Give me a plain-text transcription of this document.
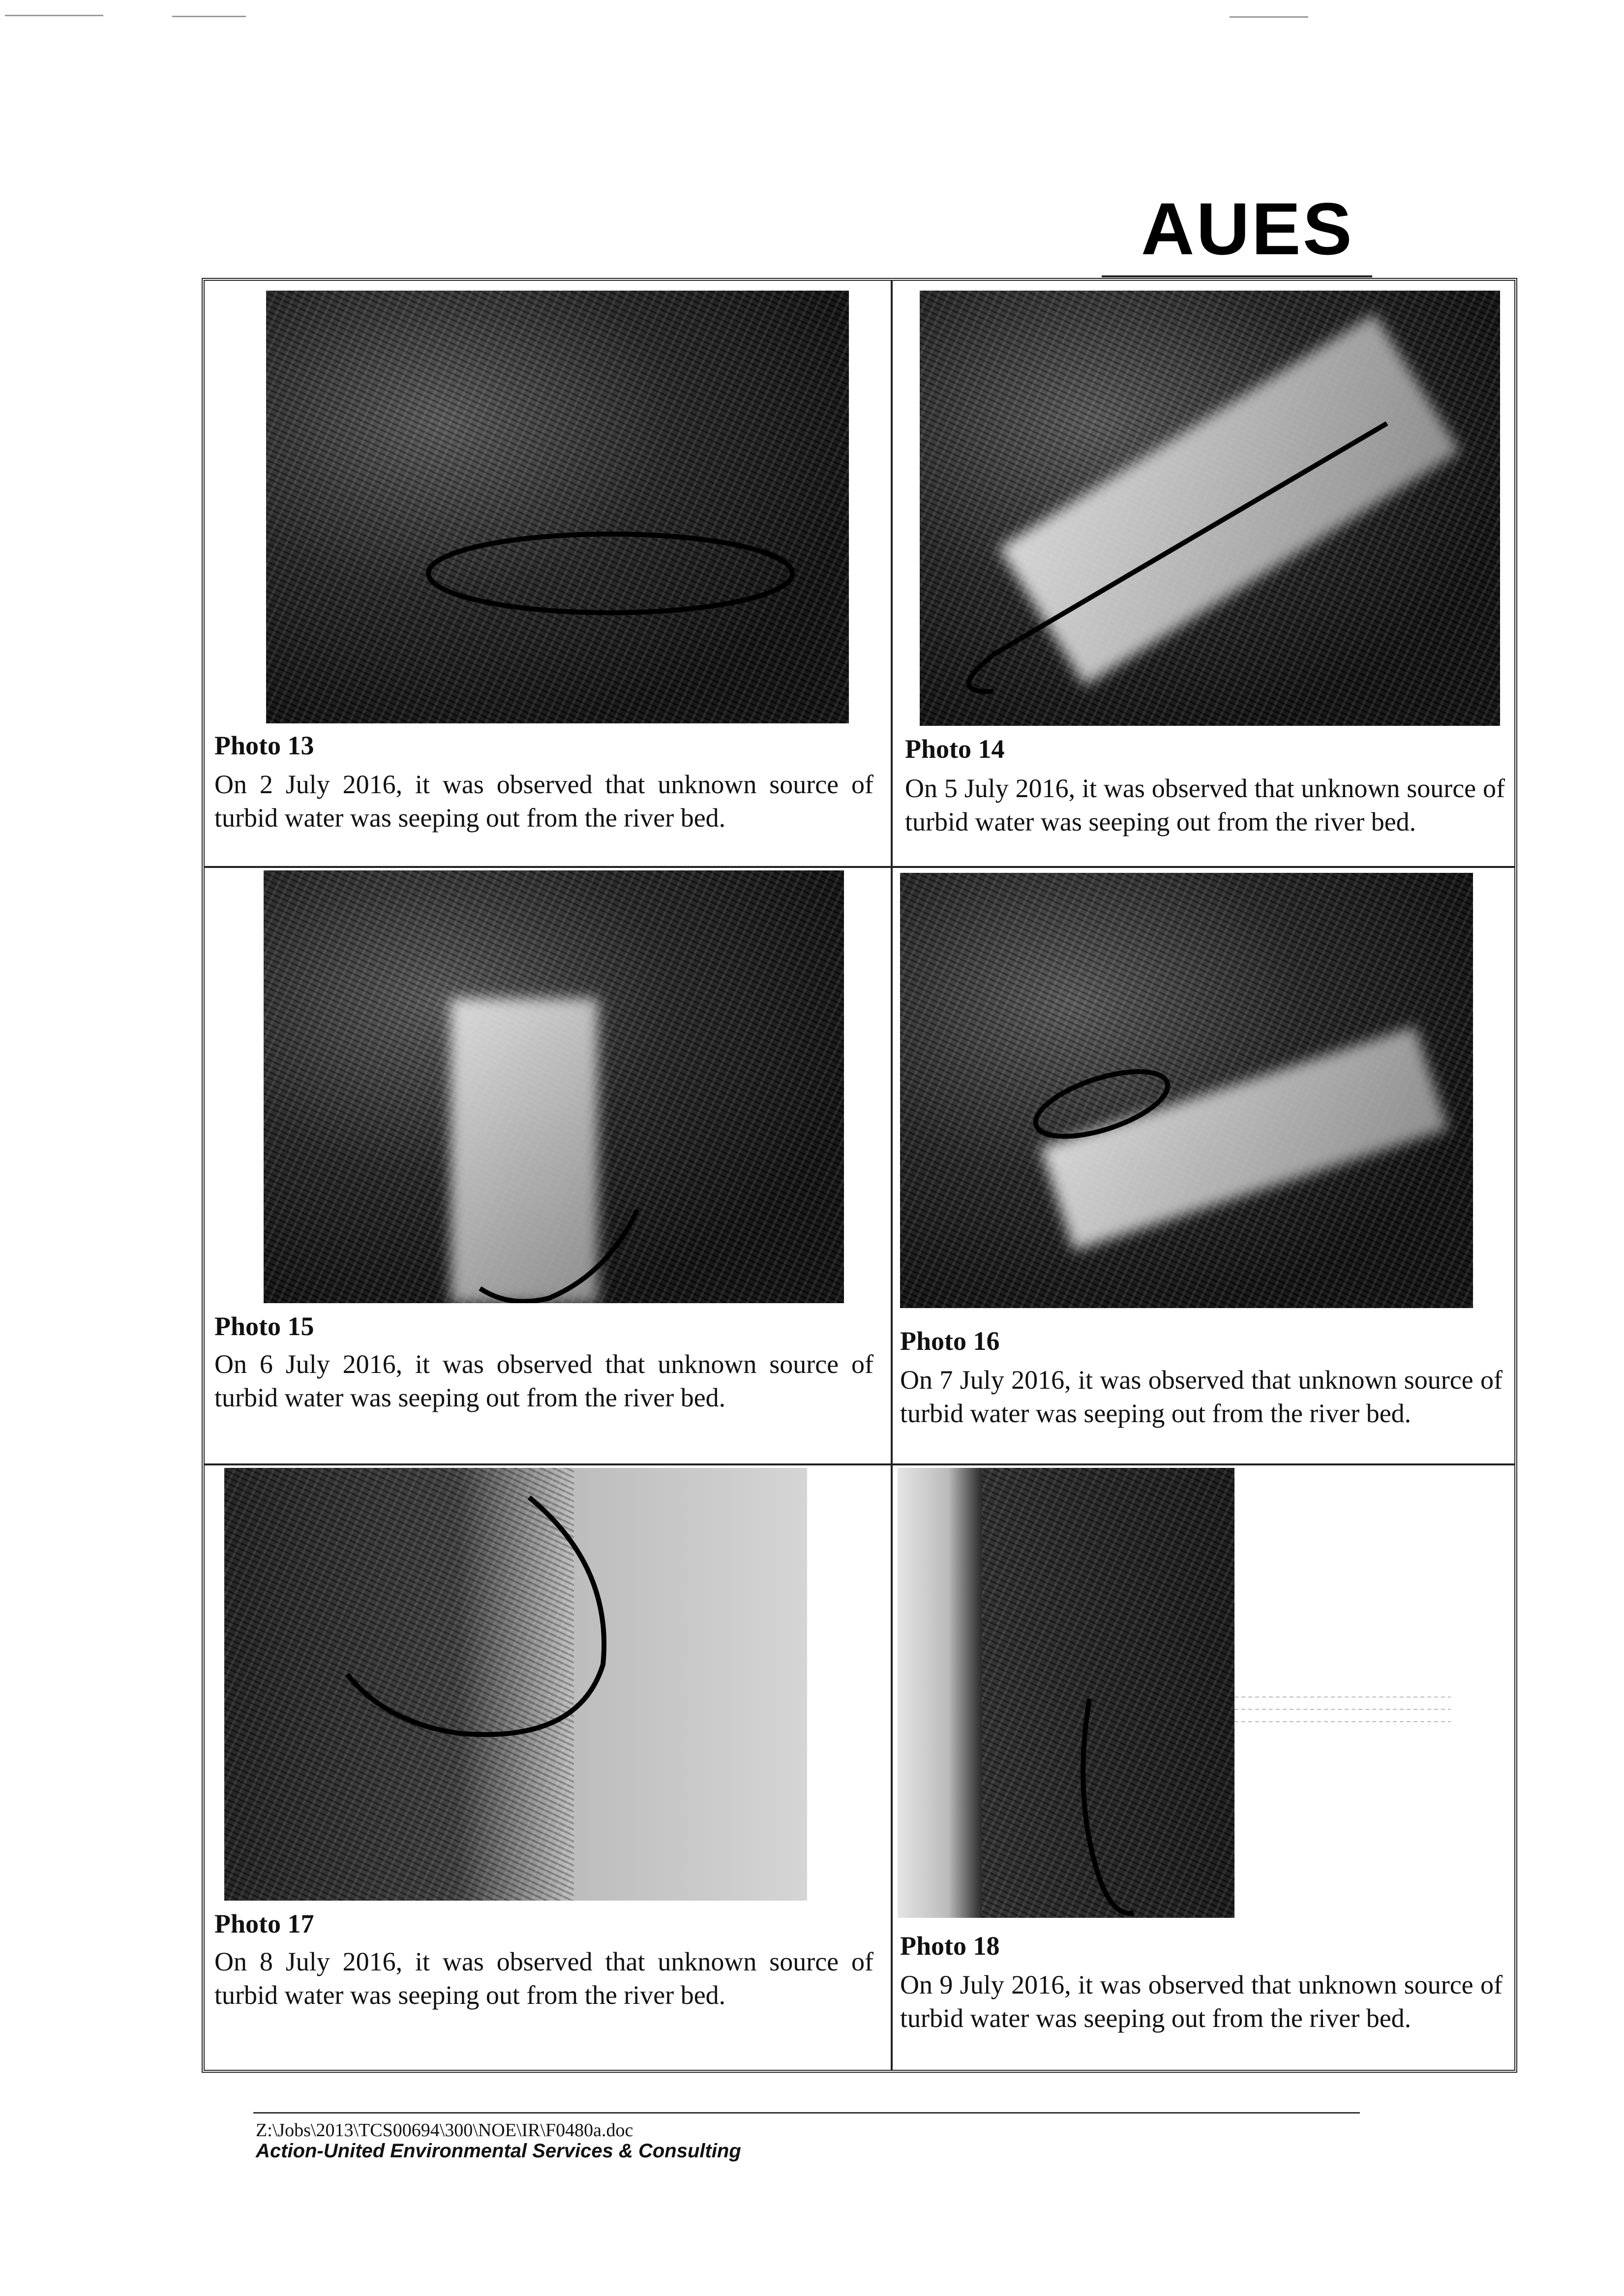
AUES
Photo 13
On 2 July 2016, it was observed that unknown source of turbid water was seeping out from the river bed.
Photo 14
On 5 July 2016, it was observed that unknown source of turbid water was seeping out from the river bed.
Photo 15
On 6 July 2016, it was observed that unknown source of turbid water was seeping out from the river bed.
Photo 16
On 7 July 2016, it was observed that unknown source of turbid water was seeping out from the river bed.
Photo 17
On 8 July 2016, it was observed that unknown source of turbid water was seeping out from the river bed.
Photo 18
On 9 July 2016, it was observed that unknown source of turbid water was seeping out from the river bed.
Z:\Jobs\2013\TCS00694\300\NOE\IR\F0480a.doc
Action-United Environmental Services & Consulting
